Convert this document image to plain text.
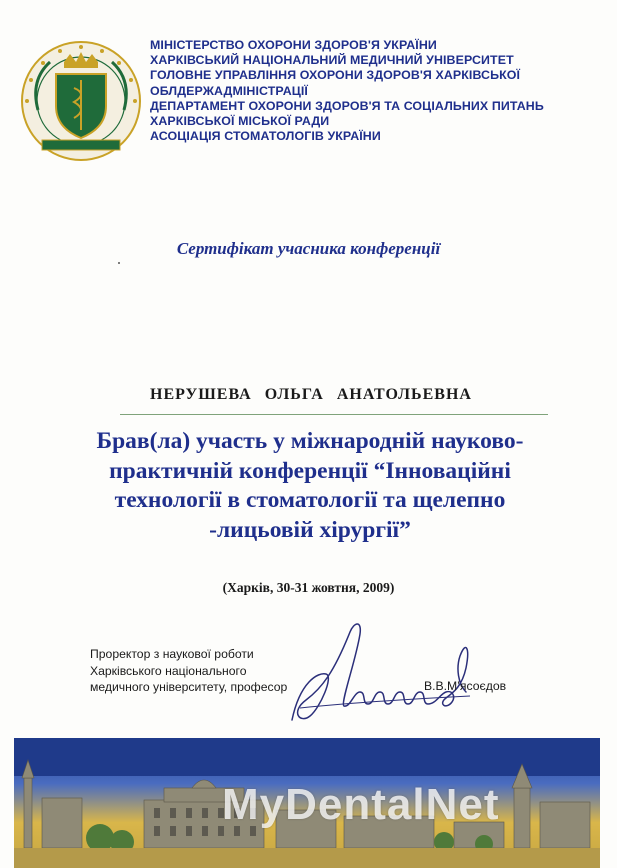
МІНІСТЕРСТВО ОХОРОНИ ЗДОРОВ'Я УКРАЇНИ
ХАРКІВСЬКИЙ НАЦІОНАЛЬНИЙ МЕДИЧНИЙ УНІВЕРСИТЕТ
ГОЛОВНЕ УПРАВЛІННЯ ОХОРОНИ ЗДОРОВ'Я ХАРКІВСЬКОЇ
ОБЛДЕРЖАДМІНІСТРАЦІЇ
ДЕПАРТАМЕНТ ОХОРОНИ ЗДОРОВ'Я ТА СОЦІАЛЬНИХ ПИТАНЬ
ХАРКІВСЬКОЇ МІСЬКОЇ РАДИ
АСОЦІАЦІЯ СТОМАТОЛОГІВ УКРАЇНИ
Сертифікат учасника конференції
НЕРУШЕВА ОЛЬГА АНАТОЛЬЕВНА
Брав(ла) участь у міжнародній науково-
практичній конференції “Інноваційні
технології в стоматології та щелепно
-лицьовій хірургії”
(Харків, 30-31 жовтня, 2009)
Проректор з наукової роботи
Харківського національного
медичного університету, професор	В.В.М’ясоєдов
MyDentalNet
